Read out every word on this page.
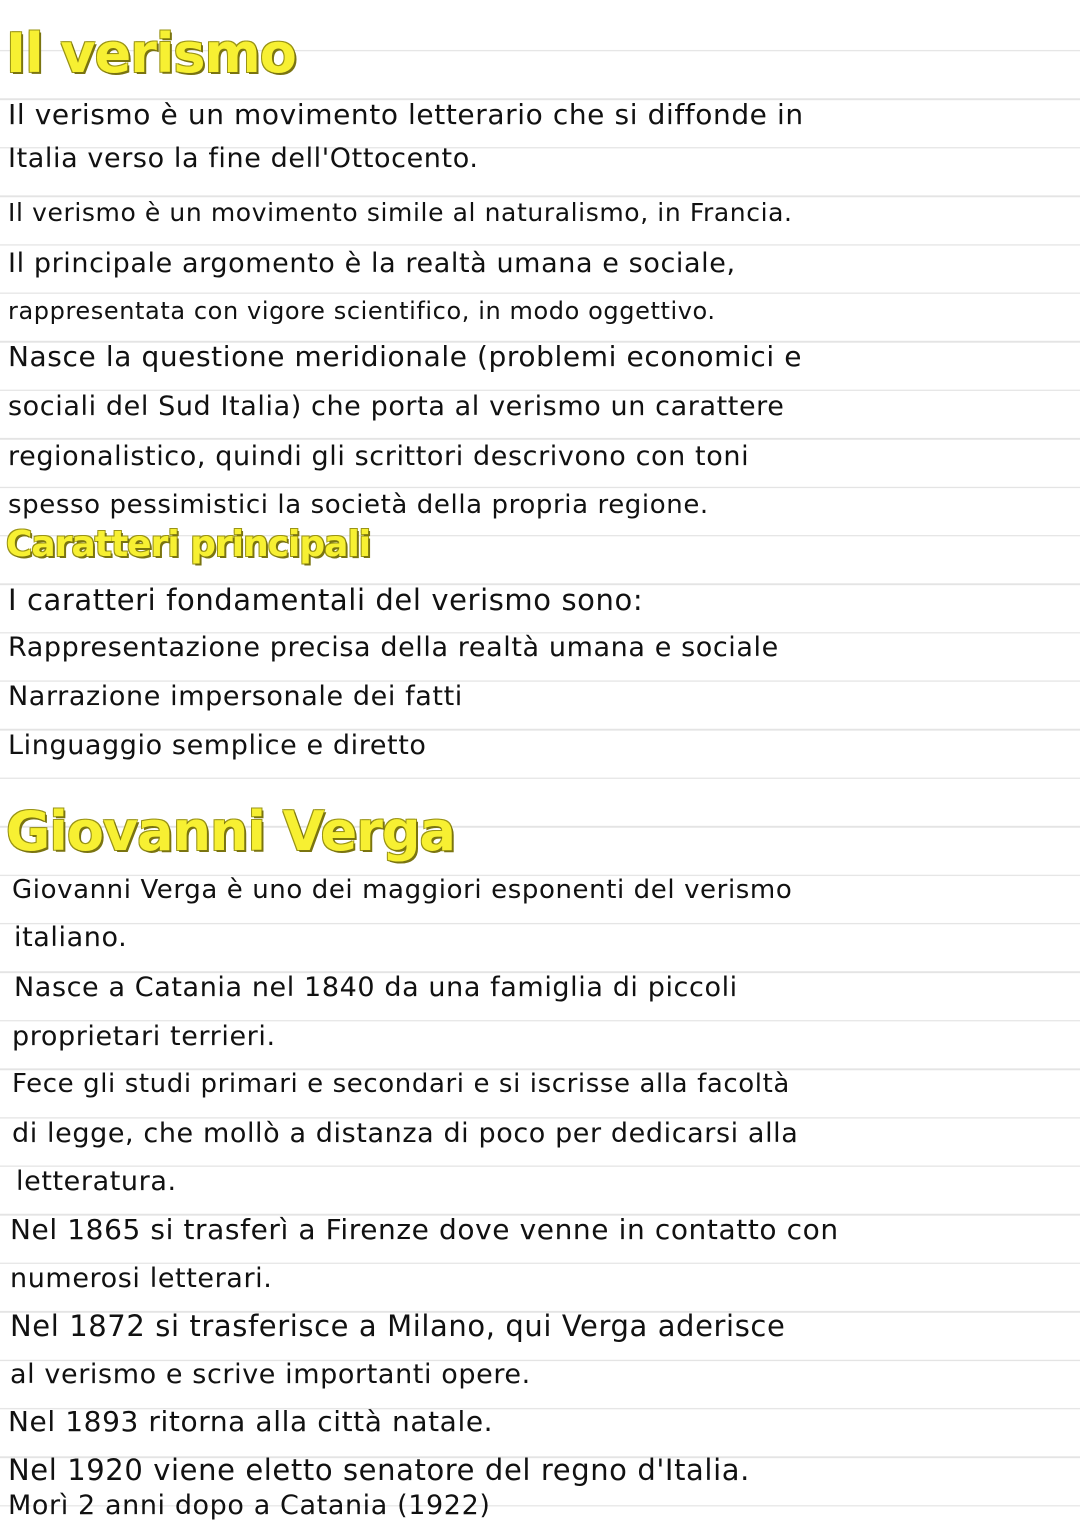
Il verismo

Il verismo è un movimento letterario che si diffonde in

Italia verso la fine dell'Ottocento.

Il verismo è un movimento simile al naturalismo, in Francia.

Il principale argomento è la realtà umana e sociale,

rappresentata con vigore scientifico, in modo oggettivo.

Nasce la questione meridionale (problemi economici e

sociali del Sud Italia) che porta al verismo un carattere

regionalistico, quindi gli scrittori descrivono con toni

spesso pessimistici la società della propria regione.

Caratteri principali

I caratteri fondamentali del verismo sono:

Rappresentazione precisa della realtà umana e sociale

Narrazione impersonale dei fatti

Linguaggio semplice e diretto

Giovanni Verga

Giovanni Verga è uno dei maggiori esponenti del verismo

italiano.

Nasce a Catania nel 1840 da una famiglia di piccoli

proprietari terrieri.

Fece gli studi primari e secondari e si iscrisse alla facoltà

di legge, che mollò a distanza di poco per dedicarsi alla

letteratura.

Nel 1865 si trasferì a Firenze dove venne in contatto con

numerosi letterari.

Nel 1872 si trasferisce a Milano, qui Verga aderisce

al verismo e scrive importanti opere.

Nel 1893 ritorna alla città natale.

Nel 1920 viene eletto senatore del regno d'Italia.

Morì 2 anni dopo a Catania (1922)
